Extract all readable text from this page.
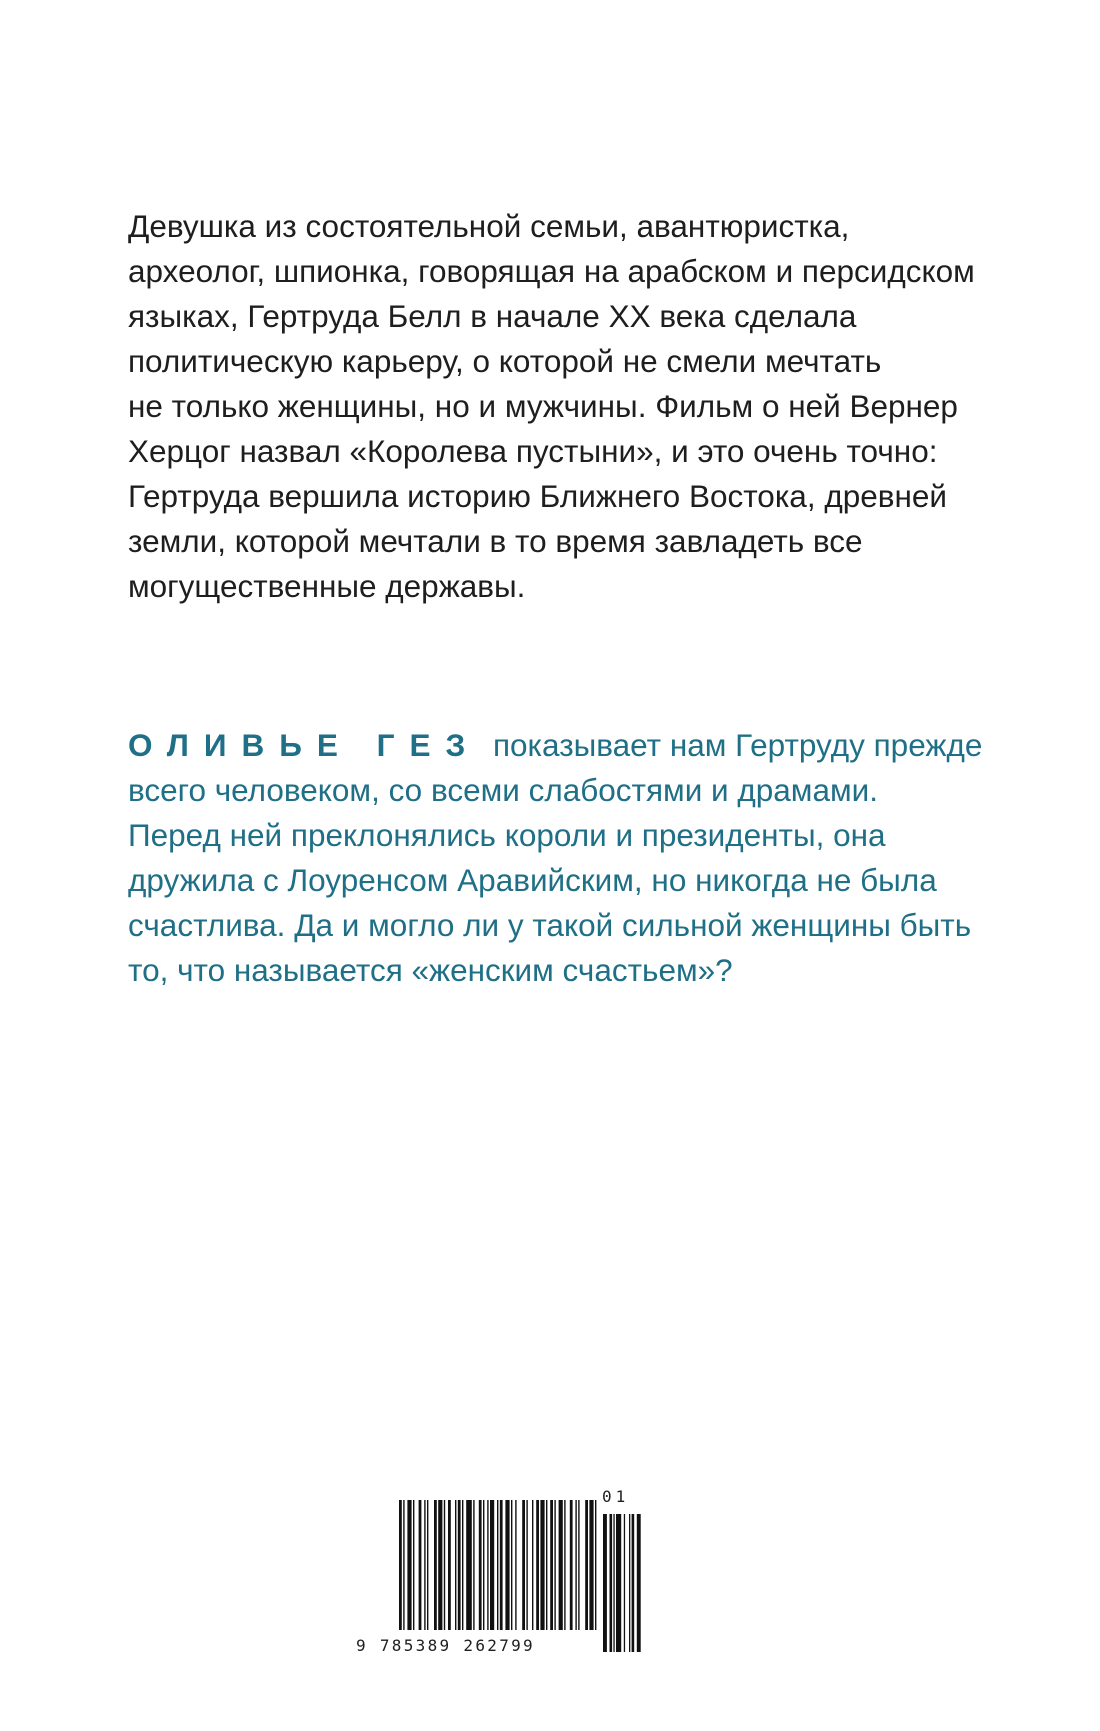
Девушка из состоятельной семьи, авантюристка,
археолог, шпионка, говорящая на арабском и персидском
языках, Гертруда Белл в начале XX века сделала
политическую карьеру, о которой не смели мечтать
не только женщины, но и мужчины. Фильм о ней Вернер
Херцог назвал «Королева пустыни», и это очень точно:
Гертруда вершила историю Ближнего Востока, древней
земли, которой мечтали в то время завладеть все
могущественные державы.
ОЛИВЬЕ ГЕЗ показывает нам Гертруду прежде
всего человеком, со всеми слабостями и драмами.
Перед ней преклонялись короли и президенты, она
дружила с Лоуренсом Аравийским, но никогда не была
счастлива. Да и могло ли у такой сильной женщины быть
то, что называется «женским счастьем»?
01
9 785389 262799
